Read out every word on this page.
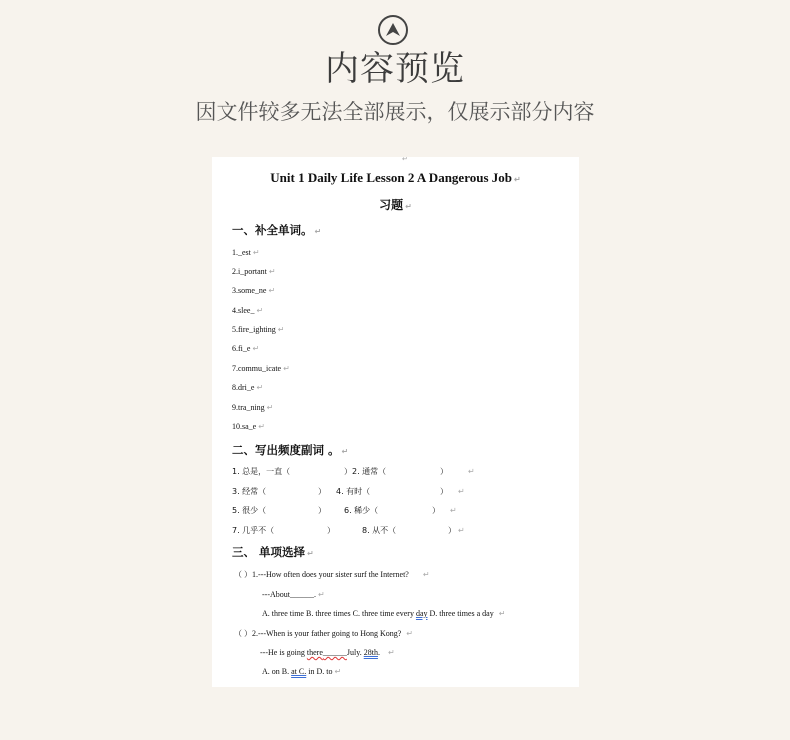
内容预览
因文件较多无法全部展示，仅展示部分内容
↵
Unit 1 Daily Life Lesson 2 A Dangerous Job ↵
习题 ↵
一、补全单词。 ↵
1._est ↵
2.i_portant ↵
3.some_ne ↵
4.slee_ ↵
5.fire_ighting ↵
6.fi_e ↵
7.commu_icate ↵
8.dri_e ↵
9.tra_ning ↵
10.sa_e ↵
二、写出频度副词 。 ↵
1. 总是，一直（	）2. 通常（	）	↵
3. 经常（	） 4. 有时（	） ↵
5. 很少（	） 6. 稀少（	） ↵
7. 几乎不（	）	8. 从不（	） ↵
三、 单项选择 ↵
（ ）1.---How often does your sister surf the Internet? ↵
---About______. ↵
A. three time B. three times C. three time every day D. three times a day ↵
（ ）2.---When is your father going to Hong Kong? ↵
---He is going there______July. 28th. ↵
A. on B. at C. in D. to ↵
